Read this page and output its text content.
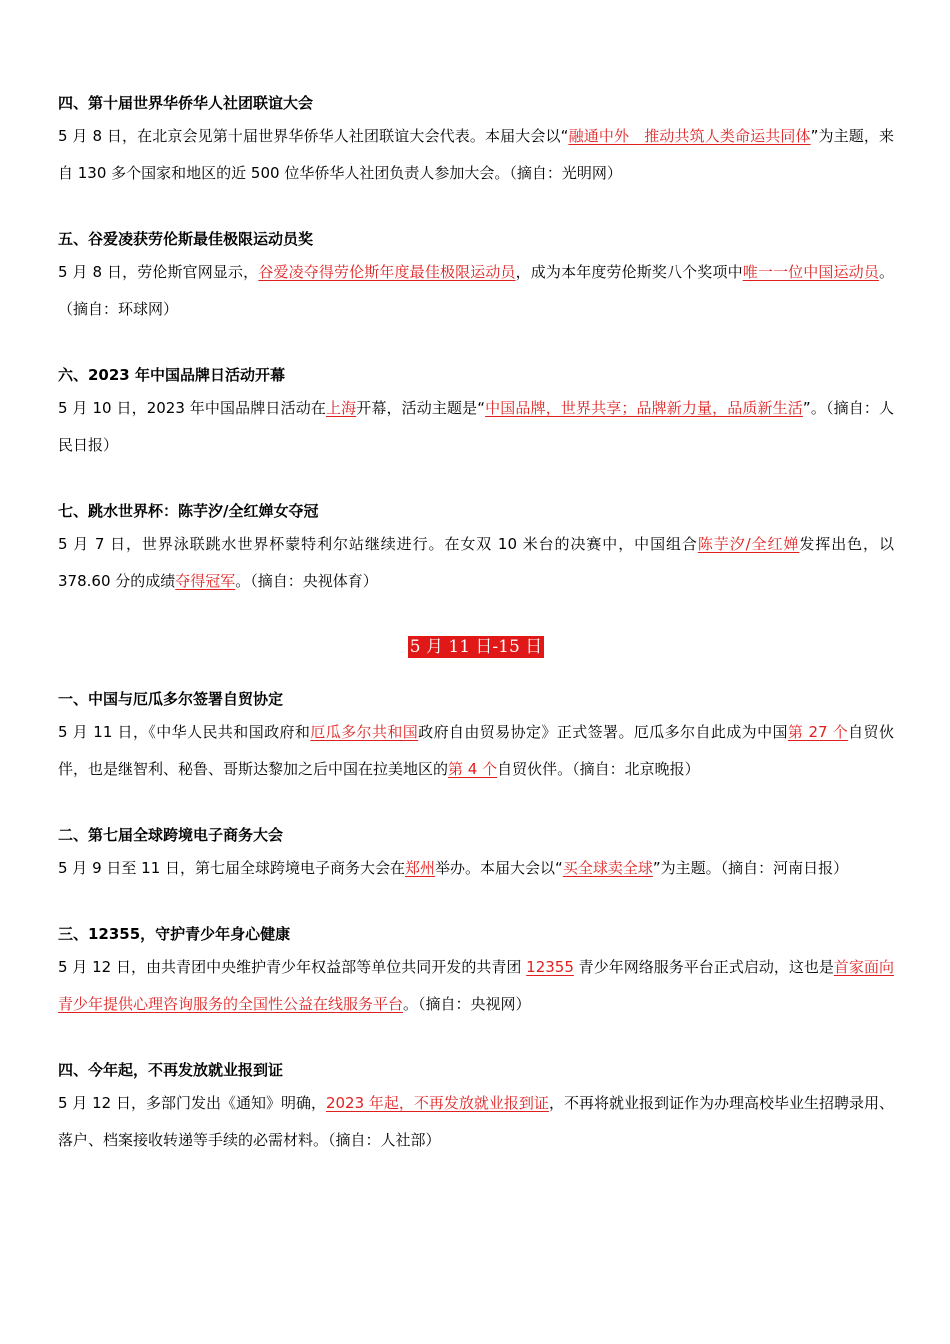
四、第十届世界华侨华人社团联谊大会

5 月 8 日，在北京会见第十届世界华侨华人社团联谊大会代表。本届大会以“融通中外　推动共筑人类命运共同体”为主题，来自 130 多个国家和地区的近 500 位华侨华人社团负责人参加大会。（摘自：光明网）

五、谷爱凌获劳伦斯最佳极限运动员奖

5 月 8 日，劳伦斯官网显示，谷爱凌夺得劳伦斯年度最佳极限运动员，成为本年度劳伦斯奖八个奖项中唯一一位中国运动员。（摘自：环球网）

六、2023 年中国品牌日活动开幕

5 月 10 日，2023 年中国品牌日活动在上海开幕，活动主题是“中国品牌，世界共享；品牌新力量，品质新生活”。（摘自：人民日报）

七、跳水世界杯：陈芋汐/全红婵女夺冠

5 月 7 日，世界泳联跳水世界杯蒙特利尔站继续进行。在女双 10 米台的决赛中，中国组合陈芋汐/全红婵发挥出色，以 378.60 分的成绩夺得冠军。（摘自：央视体育）

5 月 11 日-15 日
一、中国与厄瓜多尔签署自贸协定

5 月 11 日，《中华人民共和国政府和厄瓜多尔共和国政府自由贸易协定》正式签署。厄瓜多尔自此成为中国第 27 个自贸伙伴，也是继智利、秘鲁、哥斯达黎加之后中国在拉美地区的第 4 个自贸伙伴。（摘自：北京晚报）

二、第七届全球跨境电子商务大会

5 月 9 日至 11 日，第七届全球跨境电子商务大会在郑州举办。本届大会以“买全球卖全球”为主题。（摘自：河南日报）

三、12355，守护青少年身心健康

5 月 12 日，由共青团中央维护青少年权益部等单位共同开发的共青团 12355 青少年网络服务平台正式启动，这也是首家面向青少年提供心理咨询服务的全国性公益在线服务平台。（摘自：央视网）

四、今年起，不再发放就业报到证

5 月 12 日，多部门发出《通知》明确，2023 年起，不再发放就业报到证，不再将就业报到证作为办理高校毕业生招聘录用、落户、档案接收转递等手续的必需材料。（摘自：人社部）
